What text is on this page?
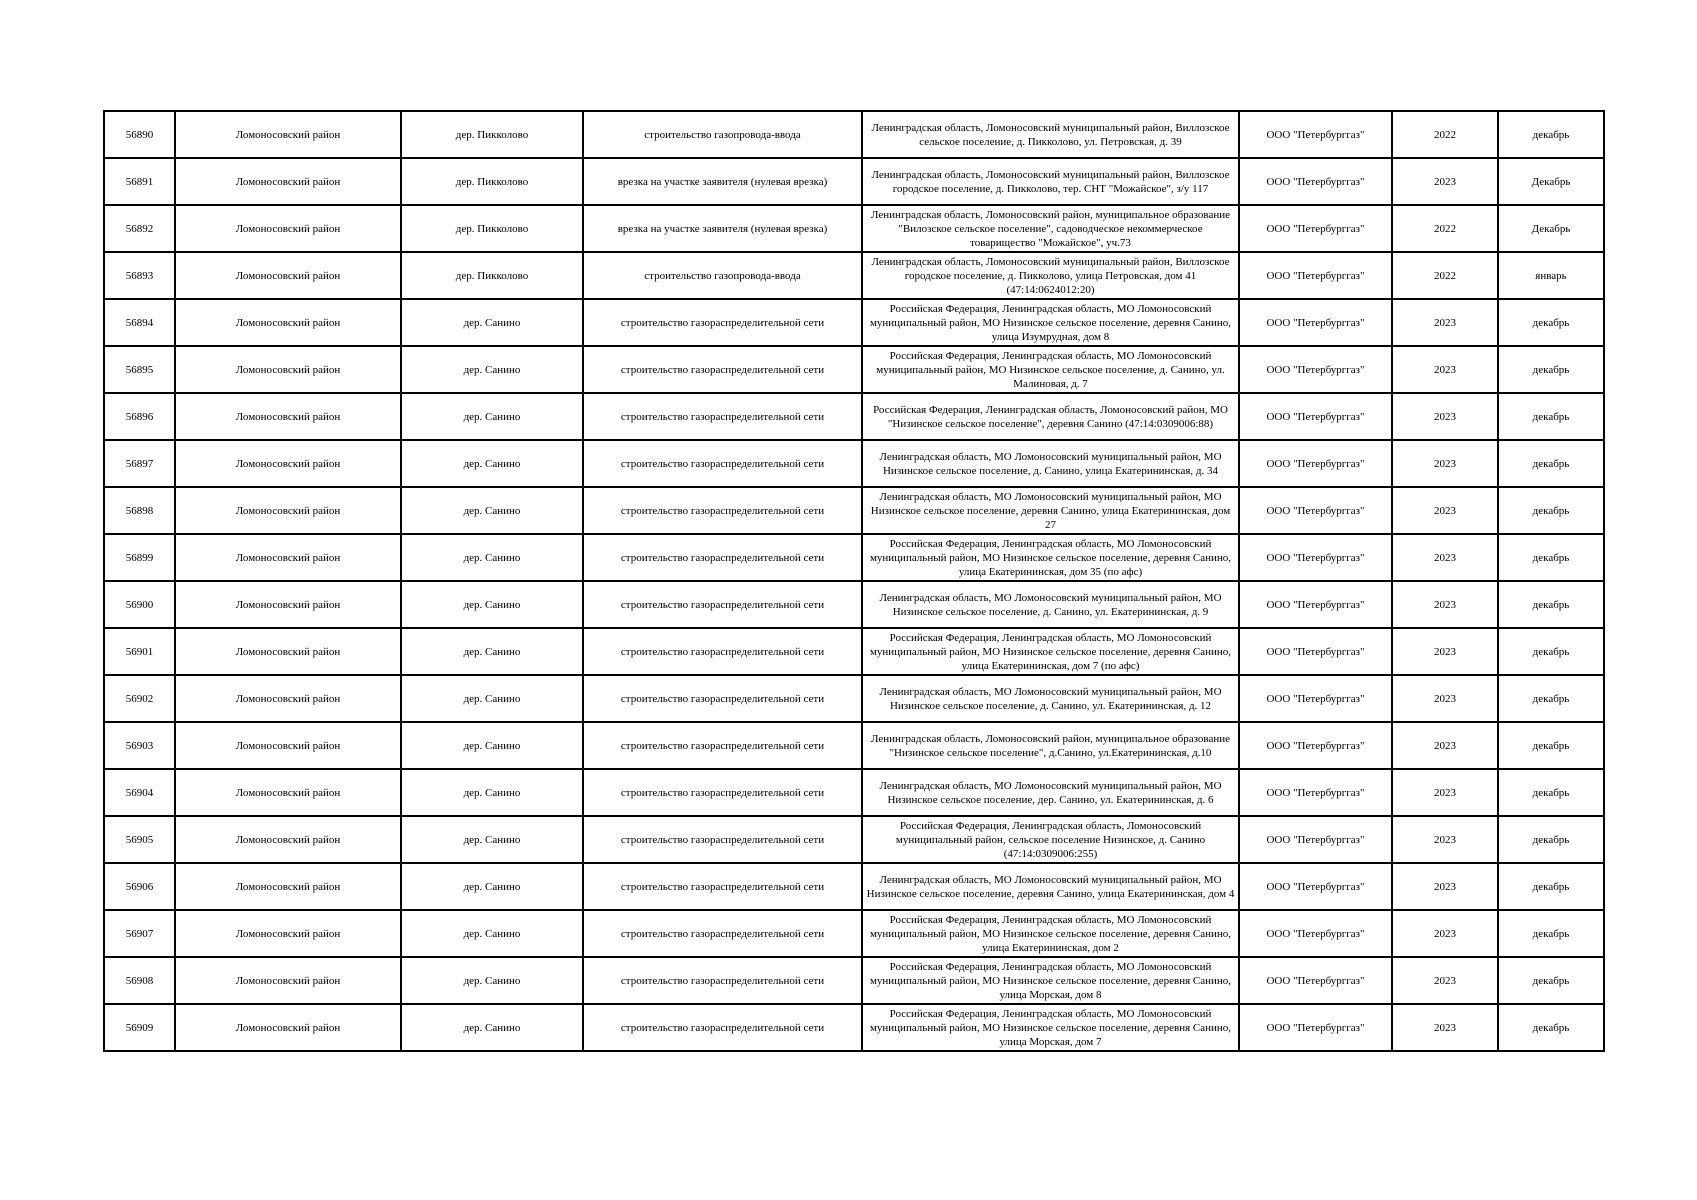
56890	Ломоносовский район	дер. Пикколово	строительство газопровода-ввода	Ленинградская область, Ломоносовский муниципальный район, Виллозское сельское поселение, д. Пикколово, ул. Петровская, д. 39	ООО "Петербурггаз"	2022	декабрь
56891	Ломоносовский район	дер. Пикколово	врезка на участке заявителя (нулевая врезка)	Ленинградская область, Ломоносовский муниципальный район, Виллозское городское поселение, д. Пикколово, тер. СНТ "Можайское", з/у 117	ООО "Петербурггаз"	2023	Декабрь
56892	Ломоносовский район	дер. Пикколово	врезка на участке заявителя (нулевая врезка)	Ленинградская область, Ломоносовский район, муниципальное образование "Вилозское сельское поселение", садоводческое некоммерческое товарищество "Можайское", уч.73	ООО "Петербурггаз"	2022	Декабрь
56893	Ломоносовский район	дер. Пикколово	строительство газопровода-ввода	Ленинградская область, Ломоносовский муниципальный район, Виллозское городское поселение, д. Пикколово, улица Петровская, дом 41 (47:14:0624012:20)	ООО "Петербурггаз"	2022	январь
56894	Ломоносовский район	дер. Санино	строительство газораспределительной сети	Российская Федерация, Ленинградская область, МО Ломоносовский муниципальный район, МО Низинское сельское поселение, деревня Санино, улица Изумрудная, дом 8	ООО "Петербурггаз"	2023	декабрь
56895	Ломоносовский район	дер. Санино	строительство газораспределительной сети	Российская Федерация, Ленинградская область, МО Ломоносовский муниципальный район, МО Низинское сельское поселение, д. Санино, ул. Малиновая, д. 7	ООО "Петербурггаз"	2023	декабрь
56896	Ломоносовский район	дер. Санино	строительство газораспределительной сети	Российская Федерация, Ленинградская область, Ломоносовский район, МО "Низинское сельское поселение", деревня Санино (47:14:0309006:88)	ООО "Петербурггаз"	2023	декабрь
56897	Ломоносовский район	дер. Санино	строительство газораспределительной сети	Ленинградская область, МО Ломоносовский муниципальный район, МО Низинское сельское поселение, д. Санино, улица Екатерининская, д. 34	ООО "Петербурггаз"	2023	декабрь
56898	Ломоносовский район	дер. Санино	строительство газораспределительной сети	Ленинградская область, МО Ломоносовский муниципальный район, МО Низинское сельское поселение, деревня Санино, улица Екатерининская, дом 27	ООО "Петербурггаз"	2023	декабрь
56899	Ломоносовский район	дер. Санино	строительство газораспределительной сети	Российская Федерация, Ленинградская область, МО Ломоносовский муниципальный район, МО Низинское сельское поселение, деревня Санино, улица Екатерининская, дом 35 (по афс)	ООО "Петербурггаз"	2023	декабрь
56900	Ломоносовский район	дер. Санино	строительство газораспределительной сети	Ленинградская область, МО Ломоносовский муниципальный район, МО Низинское сельское поселение, д. Санино, ул. Екатерининская, д. 9	ООО "Петербурггаз"	2023	декабрь
56901	Ломоносовский район	дер. Санино	строительство газораспределительной сети	Российская Федерация, Ленинградская область, МО Ломоносовский муниципальный район, МО Низинское сельское поселение, деревня Санино, улица Екатерининская, дом 7 (по афс)	ООО "Петербурггаз"	2023	декабрь
56902	Ломоносовский район	дер. Санино	строительство газораспределительной сети	Ленинградская область, МО Ломоносовский муниципальный район, МО Низинское сельское поселение, д. Санино, ул. Екатерининская, д. 12	ООО "Петербурггаз"	2023	декабрь
56903	Ломоносовский район	дер. Санино	строительство газораспределительной сети	Ленинградская область, Ломоносовский район, муниципальное образование "Низинское сельское поселение", д.Санино, ул.Екатерининская, д.10	ООО "Петербурггаз"	2023	декабрь
56904	Ломоносовский район	дер. Санино	строительство газораспределительной сети	Ленинградская область, МО Ломоносовский муниципальный район, МО Низинское сельское поселение, дер. Санино, ул. Екатерининская, д. 6	ООО "Петербурггаз"	2023	декабрь
56905	Ломоносовский район	дер. Санино	строительство газораспределительной сети	Российская Федерация, Ленинградская область, Ломоносовский муниципальный район, сельское поселение Низинское, д. Санино (47:14:0309006:255)	ООО "Петербурггаз"	2023	декабрь
56906	Ломоносовский район	дер. Санино	строительство газораспределительной сети	Ленинградская область, МО Ломоносовский муниципальный район, МО Низинское сельское поселение, деревня Санино, улица Екатерининская, дом 4	ООО "Петербурггаз"	2023	декабрь
56907	Ломоносовский район	дер. Санино	строительство газораспределительной сети	Российская Федерация, Ленинградская область, МО Ломоносовский муниципальный район, МО Низинское сельское поселение, деревня Санино, улица Екатерининская, дом 2	ООО "Петербурггаз"	2023	декабрь
56908	Ломоносовский район	дер. Санино	строительство газораспределительной сети	Российская Федерация, Ленинградская область, МО Ломоносовский муниципальный район, МО Низинское сельское поселение, деревня Санино, улица Морская, дом 8	ООО "Петербурггаз"	2023	декабрь
56909	Ломоносовский район	дер. Санино	строительство газораспределительной сети	Российская Федерация, Ленинградская область, МО Ломоносовский муниципальный район, МО Низинское сельское поселение, деревня Санино, улица Морская, дом 7	ООО "Петербурггаз"	2023	декабрь
